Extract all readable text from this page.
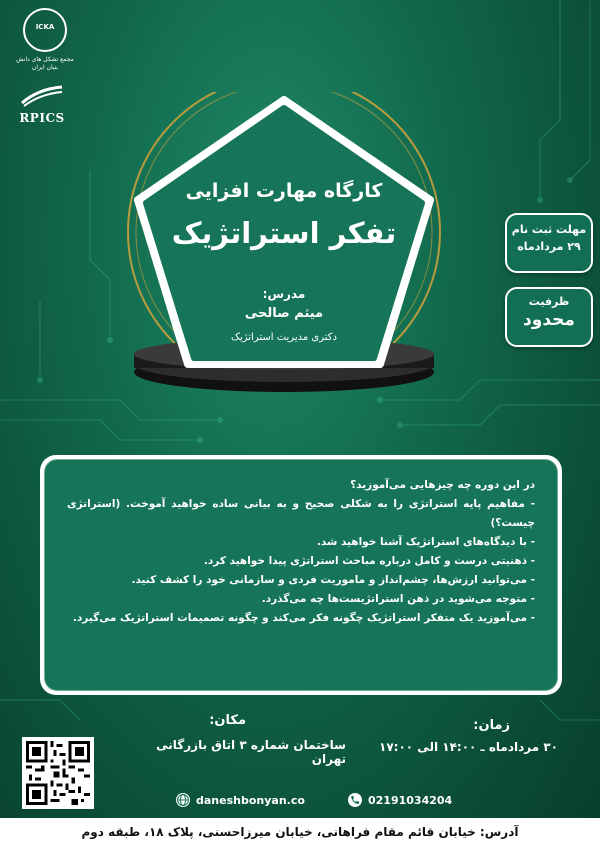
ICKA
مجمع تشکل های دانش بنیان ایران
RPICS
کارگاه مهارت افزایی
تفکر استراتژیک
مدرس:
میثم صالحی
دکتری مدیریت استراتژیک
مهلت ثبت نام
۲۹ مردادماه
ظرفیت
محدود

در این دوره چه چیزهایی می‌آموزید؟

- مفاهیم پایه استراتژی را به شکلی صحیح و به بیانی ساده خواهید آموخت. (استراتژی چیست؟)

- با دیدگاه‌های استراتژیک آشنا خواهید شد.

- ذهنیتی درست و کامل درباره مباحث استراتژی پیدا خواهید کرد.

- می‌توانید ارزش‌ها، چشم‌انداز و ماموریت فردی و سازمانی خود را کشف کنید.

- متوجه می‌شوید در ذهن استراتژیست‌ها چه می‌گذرد.

- می‌آموزید یک متفکر استراتژیک چگونه فکر می‌کند و چگونه تصمیمات استراتژیک می‌گیرد.

مکان:
ساختمان شماره ۳ اتاق بازرگانی تهران
زمان:
۳۰ مردادماه ـ ۱۴:۰۰ الی ۱۷:۰۰
daneshbonyan.co	02191034204
آدرس: خیابان قائم مقام فراهانی، خیابان میرزاحسنی، پلاک ۱۸، طبقه دوم
